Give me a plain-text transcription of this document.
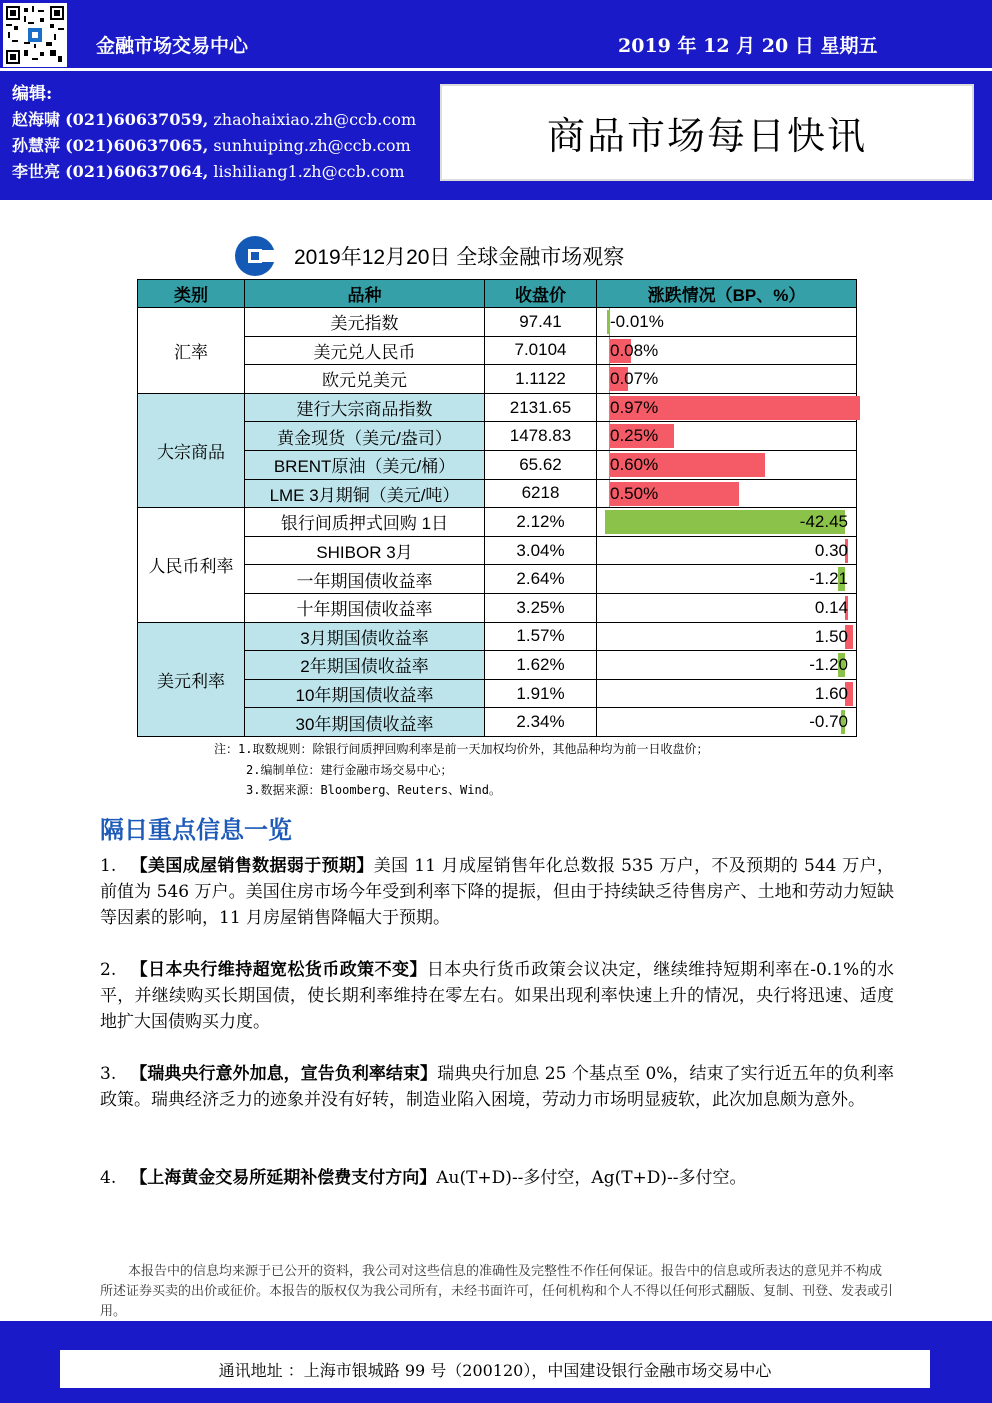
金融市场交易中心	2019 年 12 月 20 日 星期五
编辑:
赵海啸 (021)60637059, zhaohaixiao.zh@ccb.com
孙慧萍 (021)60637065, sunhuiping.zh@ccb.com
李世亮 (021)60637064, lishiliang1.zh@ccb.com
商品市场每日快讯
2019年12月20日 全球金融市场观察
类别	品种	收盘价	涨跌情况（BP、%）
汇率	美元指数	97.41	-0.01%

	美元兑人民币	7.0104	0.08%

	欧元兑美元	1.1122	0.07%

大宗商品	建行大宗商品指数	2131.65	0.97%

	黄金现货（美元/盎司）	1478.83	0.25%

	BRENT原油（美元/桶）	65.62	0.60%

	LME 3月期铜（美元/吨）	6218	0.50%

人民币利率	银行间质押式回购 1日	2.12%	-42.45

	SHIBOR 3月	3.04%	0.30

	一年期国债收益率	2.64%	-1.21

	十年期国债收益率	3.25%	0.14

美元利率	3月期国债收益率	1.57%	1.50

	2年期国债收益率	1.62%	-1.20

	10年期国债收益率	1.91%	1.60

	30年期国债收益率	2.34%	-0.70
注：1.取数规则：除银行间质押回购利率是前一天加权均价外，其他品种均为前一日收盘价；
2.编制单位：建行金融市场交易中心；
3.数据来源：Bloomberg、Reuters、Wind。
隔日重点信息一览
1. 【美国成屋销售数据弱于预期】美国 11 月成屋销售年化总数报 535 万户，不及预期的 544 万户，前值为 546 万户。美国住房市场今年受到利率下降的提振，但由于持续缺乏待售房产、土地和劳动力短缺等因素的影响，11 月房屋销售降幅大于预期。
2. 【日本央行维持超宽松货币政策不变】日本央行货币政策会议决定，继续维持短期利率在-0.1%的水平，并继续购买长期国债，使长期利率维持在零左右。如果出现利率快速上升的情况，央行将迅速、适度地扩大国债购买力度。
3. 【瑞典央行意外加息，宣告负利率结束】瑞典央行加息 25 个基点至 0%，结束了实行近五年的负利率政策。瑞典经济乏力的迹象并没有好转，制造业陷入困境，劳动力市场明显疲软，此次加息颇为意外。
4. 【上海黄金交易所延期补偿费支付方向】Au(T+D)--多付空，Ag(T+D)--多付空。
本报告中的信息均来源于已公开的资料，我公司对这些信息的准确性及完整性不作任何保证。报告中的信息或所表达的意见并不构成所述证券买卖的出价或征价。本报告的版权仅为我公司所有，未经书面许可，任何机构和个人不得以任何形式翻版、复制、刊登、发表或引用。
通讯地址 ：上海市银城路 99 号（200120），中国建设银行金融市场交易中心
